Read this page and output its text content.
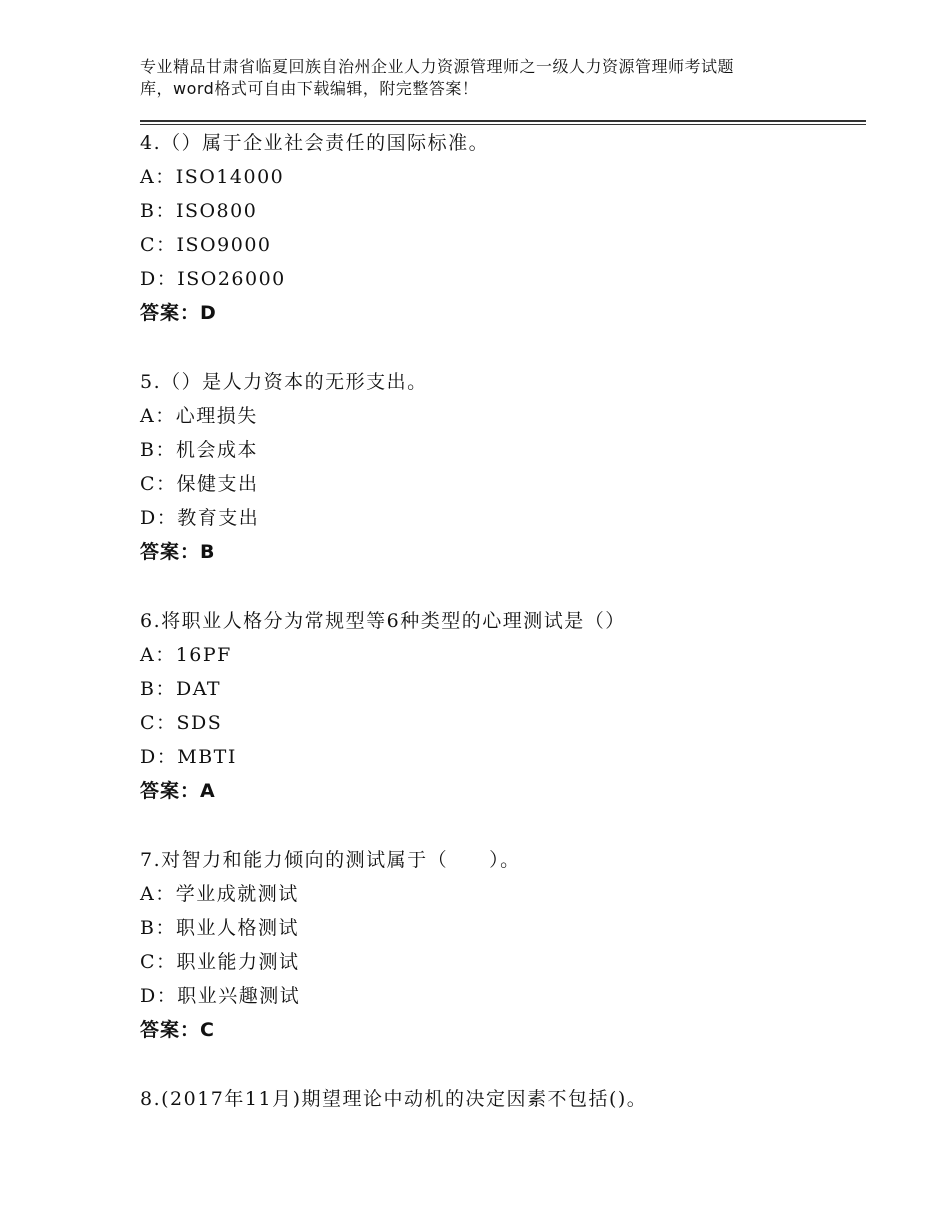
专业精品甘肃省临夏回族自治州企业人力资源管理师之一级人力资源管理师考试题
库，word格式可自由下载编辑，附完整答案！
4.（）属于企业社会责任的国际标准。
A：ISO14000
B：ISO800
C：ISO9000
D：ISO26000
答案：D
5.（）是人力资本的无形支出。
A：心理损失
B：机会成本
C：保健支出
D：教育支出
答案：B
6.将职业人格分为常规型等6种类型的心理测试是（）
A：16PF
B：DAT
C：SDS
D：MBTI
答案：A
7.对智力和能力倾向的测试属于（　　）。
A：学业成就测试
B：职业人格测试
C：职业能力测试
D：职业兴趣测试
答案：C
8.(2017年11月)期望理论中动机的决定因素不包括()。
